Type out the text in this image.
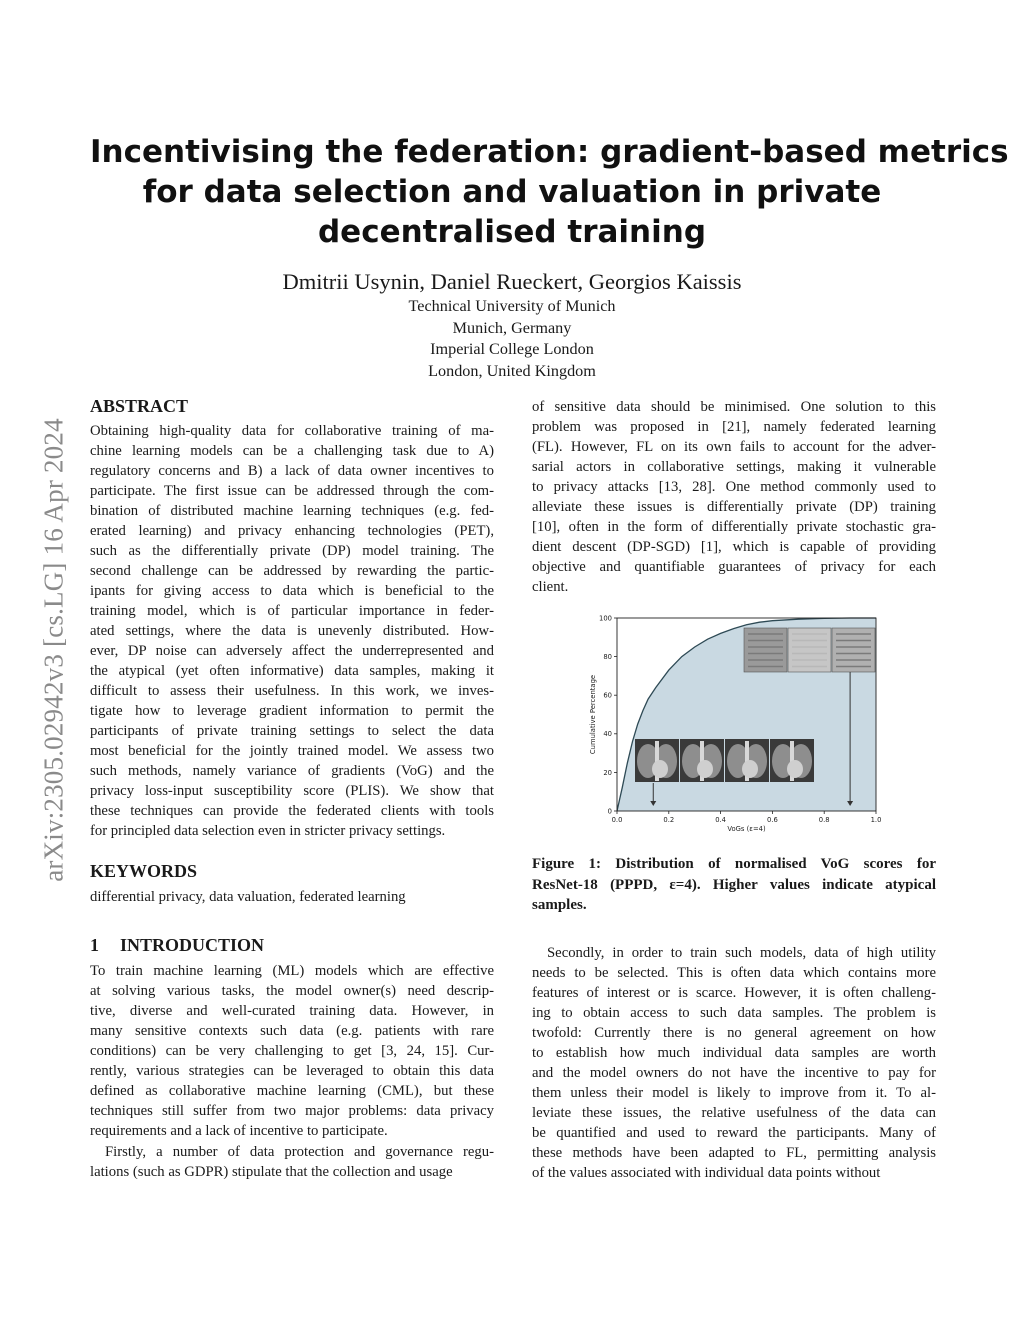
Incentivising the federation: gradient-based metrics
for data selection and valuation in private
decentralised training
Dmitrii Usynin, Daniel Rueckert, Georgios Kaissis
Technical University of Munich
Munich, Germany
Imperial College London
London, United Kingdom
arXiv:2305.02942v3 [cs.LG] 16 Apr 2024
ABSTRACT
Obtaining high-quality data for collaborative training of ma-
chine learning models can be a challenging task due to A)
regulatory concerns and B) a lack of data owner incentives to
participate. The first issue can be addressed through the com-
bination of distributed machine learning techniques (e.g. fed-
erated learning) and privacy enhancing technologies (PET),
such as the differentially private (DP) model training. The
second challenge can be addressed by rewarding the partic-
ipants for giving access to data which is beneficial to the
training model, which is of particular importance in feder-
ated settings, where the data is unevenly distributed. How-
ever, DP noise can adversely affect the underrepresented and
the atypical (yet often informative) data samples, making it
difficult to assess their usefulness. In this work, we inves-
tigate how to leverage gradient information to permit the
participants of private training settings to select the data
most beneficial for the jointly trained model. We assess two
such methods, namely variance of gradients (VoG) and the
privacy loss-input susceptibility score (PLIS). We show that
these techniques can provide the federated clients with tools
for principled data selection even in stricter privacy settings.
KEYWORDS
differential privacy, data valuation, federated learning
1 INTRODUCTION
To train machine learning (ML) models which are effective
at solving various tasks, the model owner(s) need descrip-
tive, diverse and well-curated training data. However, in
many sensitive contexts such data (e.g. patients with rare
conditions) can be very challenging to get [3, 24, 15]. Cur-
rently, various strategies can be leveraged to obtain this data
defined as collaborative machine learning (CML), but these
techniques still suffer from two major problems: data privacy
requirements and a lack of incentive to participate.
Firstly, a number of data protection and governance regu-
lations (such as GDPR) stipulate that the collection and usage
of sensitive data should be minimised. One solution to this
problem was proposed in [21], namely federated learning
(FL). However, FL on its own fails to account for the adver-
sarial actors in collaborative settings, making it vulnerable
to privacy attacks [13, 28]. One method commonly used to
alleviate these issues is differentially private (DP) training
[10], often in the form of differentially private stochastic gra-
dient descent (DP-SGD) [1], which is capable of providing
objective and quantifiable guarantees of privacy for each
client.
0.0	0.2	0.4	0.6	0.8	1.0
0
20
40
60
80
100
VoGs (ε=4)
Cumulative Percentage
Figure 1: Distribution of normalised VoG scores for
ResNet-18 (PPPD, ε=4). Higher values indicate atypical
samples.
Secondly, in order to train such models, data of high utility
needs to be selected. This is often data which contains more
features of interest or is scarce. However, it is often challeng-
ing to obtain access to such data samples. The problem is
twofold: Currently there is no general agreement on how
to establish how much individual data samples are worth
and the model owners do not have the incentive to pay for
them unless their model is likely to improve from it. To al-
leviate these issues, the relative usefulness of the data can
be quantified and used to reward the participants. Many of
these methods have been adapted to FL, permitting analysis
of the values associated with individual data points without
